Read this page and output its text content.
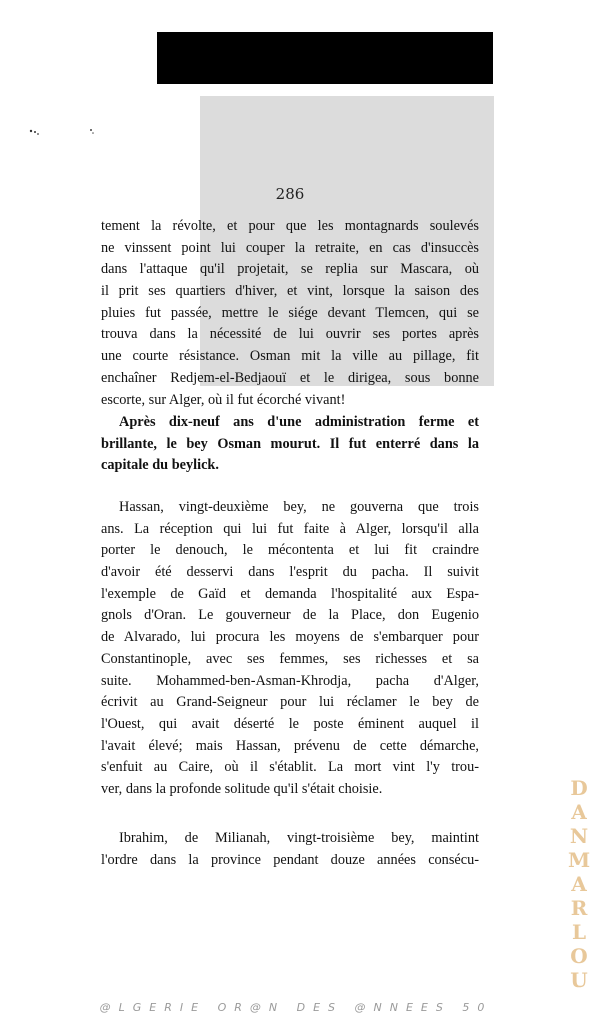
286
tement la révolte, et pour que les montagnards soulevés
ne vinssent point lui couper la retraite, en cas d'insuccès
dans l'attaque qu'il projetait, se replia sur Mascara, où
il prit ses quartiers d'hiver, et vint, lorsque la saison des
pluies fut passée, mettre le siége devant Tlemcen, qui se
trouva dans la nécessité de lui ouvrir ses portes après
une courte résistance. Osman mit la ville au pillage, fit
enchaîner Redjem-el-Bedjaouï et le dirigea, sous bonne
escorte, sur Alger, où il fut écorché vivant!
Après dix-neuf ans d'une administration ferme et
brillante, le bey Osman mourut. Il fut enterré dans la
capitale du beylick.
Hassan, vingt-deuxième bey, ne gouverna que trois
ans. La réception qui lui fut faite à Alger, lorsqu'il alla
porter le denouch, le mécontenta et lui fit craindre
d'avoir été desservi dans l'esprit du pacha. Il suivit
l'exemple de Gaïd et demanda l'hospitalité aux Espa-
gnols d'Oran. Le gouverneur de la Place, don Eugenio
de Alvarado, lui procura les moyens de s'embarquer pour
Constantinople, avec ses femmes, ses richesses et sa
suite. Mohammed-ben-Asman-Khrodja, pacha d'Alger,
écrivit au Grand-Seigneur pour lui réclamer le bey de
l'Ouest, qui avait déserté le poste éminent auquel il
l'avait élevé; mais Hassan, prévenu de cette démarche,
s'enfuit au Caire, où il s'établit. La mort vint l'y trou-
ver, dans la profonde solitude qu'il s'était choisie.
Ibrahim, de Milianah, vingt-troisième bey, maintint
l'ordre dans la province pendant douze années consécu-
DANMARLOU
@LGERIE OR@N DES @NNEES 50
